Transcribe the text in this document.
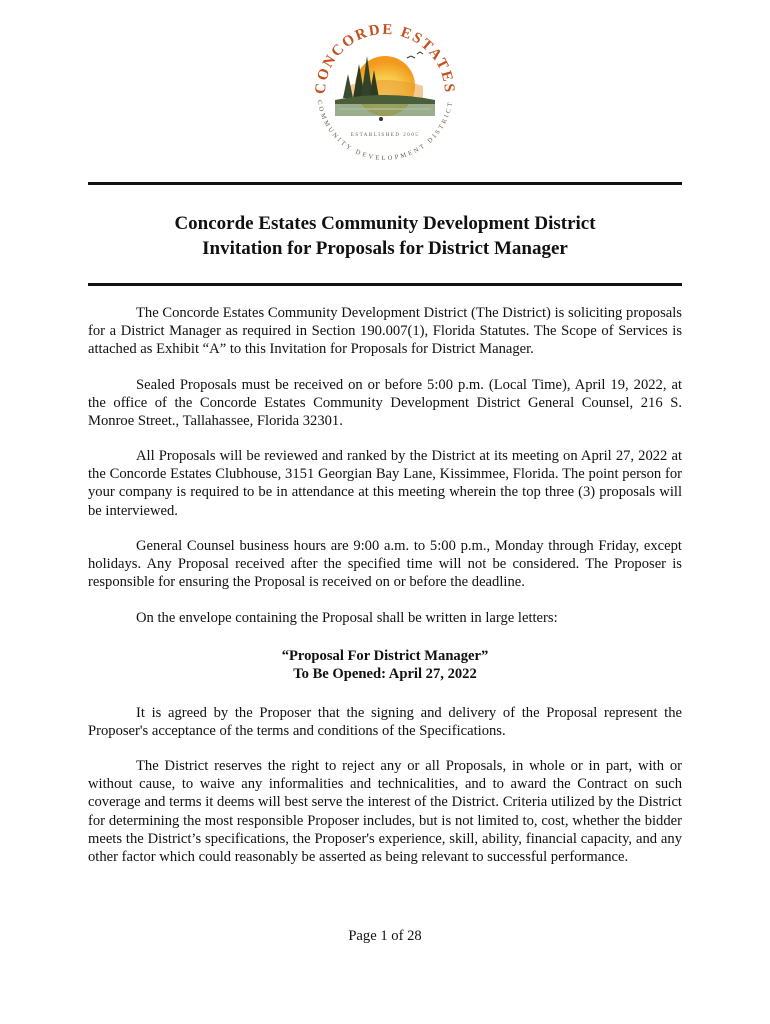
CONCORDE ESTATES
COMMUNITY DEVELOPMENT DISTRICT
ESTABLISHED 2005
Concorde Estates Community Development District
Invitation for Proposals for District Manager

The Concorde Estates Community Development District (The District) is soliciting proposals for a District Manager as required in Section 190.007(1), Florida Statutes. The Scope of Services is attached as Exhibit “A” to this Invitation for Proposals for District Manager.

Sealed Proposals must be received on or before 5:00 p.m. (Local Time), April 19, 2022, at the office of the Concorde Estates Community Development District General Counsel, 216 S. Monroe Street., Tallahassee, Florida 32301.

All Proposals will be reviewed and ranked by the District at its meeting on April 27, 2022 at the Concorde Estates Clubhouse, 3151 Georgian Bay Lane, Kissimmee, Florida. The point person for your company is required to be in attendance at this meeting wherein the top three (3) proposals will be interviewed.

General Counsel business hours are 9:00 a.m. to 5:00 p.m., Monday through Friday, except holidays. Any Proposal received after the specified time will not be considered. The Proposer is responsible for ensuring the Proposal is received on or before the deadline.

On the envelope containing the Proposal shall be written in large letters:

“Proposal For District Manager”

To Be Opened: April 27, 2022

It is agreed by the Proposer that the signing and delivery of the Proposal represent the Proposer's acceptance of the terms and conditions of the Specifications.

The District reserves the right to reject any or all Proposals, in whole or in part, with or without cause, to waive any informalities and technicalities, and to award the Contract on such coverage and terms it deems will best serve the interest of the District. Criteria utilized by the District for determining the most responsible Proposer includes, but is not limited to, cost, whether the bidder meets the District’s specifications, the Proposer's experience, skill, ability, financial capacity, and any other factor which could reasonably be asserted as being relevant to successful performance.

Page 1 of 28
